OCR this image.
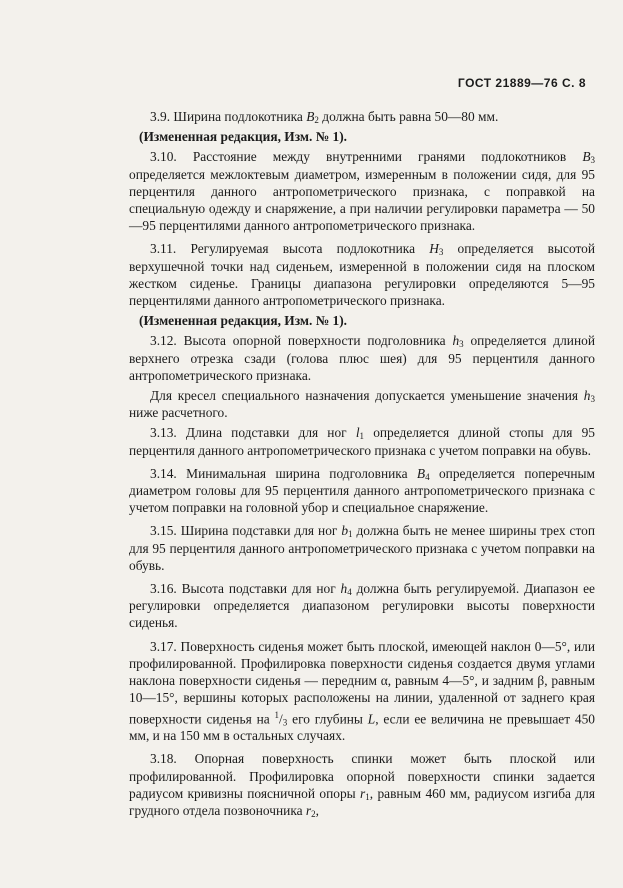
ГОСТ 21889—76 С. 8

3.9. Ширина подлокотника $B_2$ должна быть равна 50—80 мм.

(Измененная редакция, Изм. № 1).

3.10. Расстояние между внутренними гранями подлокотников $B_3$ определяется межлоктевым диаметром, измеренным в положении сидя, для 95 перцентиля данного антропометрического признака, с поправкой на специальную одежду и снаряжение, а при наличии регулировки параметра — 50—95 перцентилями данного антропометрического признака.

3.11. Регулируемая высота подлокотника $H_3$ определяется высотой верхушечной точки над сиденьем, измеренной в положении сидя на плоском жестком сиденье. Границы диапазона регулировки определяются 5—95 перцентилями данного антропометрического признака.

(Измененная редакция, Изм. № 1).

3.12. Высота опорной поверхности подголовника $h_3$ определяется длиной верхнего отрезка сзади (голова плюс шея) для 95 перцентиля данного антропометрического признака.

Для кресел специального назначения допускается уменьшение значения $h_3$ ниже расчетного.

3.13. Длина подставки для ног $l_1$ определяется длиной стопы для 95 перцентиля данного антропометрического признака с учетом поправки на обувь.

3.14. Минимальная ширина подголовника $B_4$ определяется поперечным диаметром головы для 95 перцентиля данного антропометрического признака с учетом поправки на головной убор и специальное снаряжение.

3.15. Ширина подставки для ног $b_1$ должна быть не менее ширины трех стоп для 95 перцентиля данного антропометрического признака с учетом поправки на обувь.

3.16. Высота подставки для ног $h_4$ должна быть регулируемой. Диапазон ее регулировки определяется диапазоном регулировки высоты поверхности сиденья.

3.17. Поверхность сиденья может быть плоской, имеющей наклон 0—5°, или профилированной. Профилировка поверхности сиденья создается двумя углами наклона поверхности сиденья — передним α, равным 4—5°, и задним β, равным 10—15°, вершины которых расположены на линии, удаленной от заднего края поверхности сиденья на $^1/_3$ его глубины L, если ее величина не превышает 450 мм, и на 150 мм в остальных случаях.

3.18. Опорная поверхность спинки может быть плоской или профилированной. Профилировка опорной поверхности спинки задается радиусом кривизны поясничной опоры $r_1$, равным 460 мм, радиусом изгиба для грудного отдела позвоночника $r_2$,
